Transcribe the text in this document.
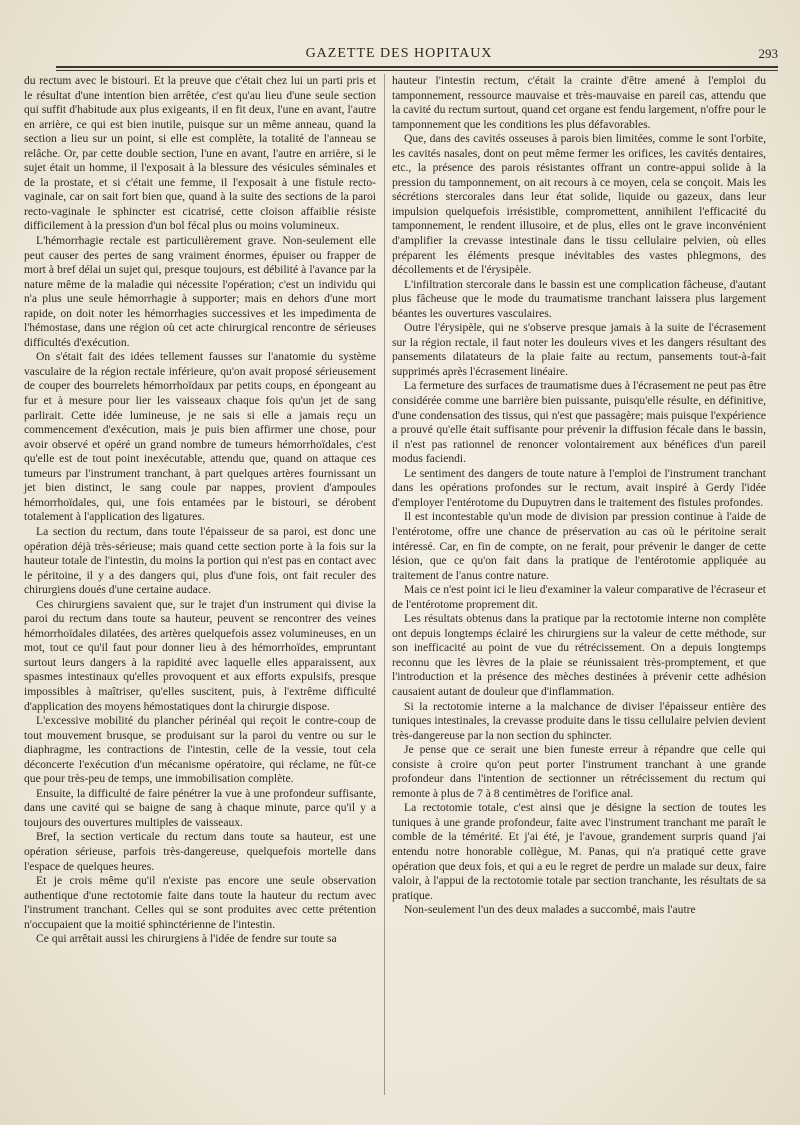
GAZETTE DES HOPITAUX	293

du rectum avec le bistouri. Et la preuve que c'était chez lui un parti pris et le résultat d'une intention bien arrêtée, c'est qu'au lieu d'une seule section qui suffit d'habitude aux plus exigeants, il en fit deux, l'une en avant, l'autre en arrière, ce qui est bien inutile, puisque sur un même anneau, quand la section a lieu sur un point, si elle est complète, la totalité de l'anneau se relâche. Or, par cette double section, l'une en avant, l'autre en arrière, si le sujet était un homme, il l'exposait à la blessure des vésicules séminales et de la prostate, et si c'était une femme, il l'exposait à une fistule recto-vaginale, car on sait fort bien que, quand à la suite des sections de la paroi recto-vaginale le sphincter est cicatrisé, cette cloison affaiblie résiste difficilement à la pression d'un bol fécal plus ou moins volumineux.

L'hémorrhagie rectale est particulièrement grave. Non-seulement elle peut causer des pertes de sang vraiment énormes, épuiser ou frapper de mort à bref délai un sujet qui, presque toujours, est débilité à l'avance par la nature même de la maladie qui nécessite l'opération; c'est un individu qui n'a plus une seule hémorrhagie à supporter; mais en dehors d'une mort rapide, on doit noter les hémorrhagies successives et les impedimenta de l'hémostase, dans une région où cet acte chirurgical rencontre de sérieuses difficultés d'exécution.

On s'était fait des idées tellement fausses sur l'anatomie du système vasculaire de la région rectale inférieure, qu'on avait proposé sérieusement de couper des bourrelets hémorrhoïdaux par petits coups, en épongeant au fur et à mesure pour lier les vaisseaux chaque fois qu'un jet de sang parlirait. Cette idée lumineuse, je ne sais si elle a jamais reçu un commencement d'exécution, mais je puis bien affirmer une chose, pour avoir observé et opéré un grand nombre de tumeurs hémorrhoïdales, c'est qu'elle est de tout point inexécutable, attendu que, quand on attaque ces tumeurs par l'instrument tranchant, à part quelques artères fournissant un jet bien distinct, le sang coule par nappes, provient d'ampoules hémorrhoïdales, qui, une fois entamées par le bistouri, se dérobent totalement à l'application des ligatures.

La section du rectum, dans toute l'épaisseur de sa paroi, est donc une opération déjà très-sérieuse; mais quand cette section porte à la fois sur la hauteur totale de l'intestin, du moins la portion qui n'est pas en contact avec le péritoine, il y a des dangers qui, plus d'une fois, ont fait reculer des chirurgiens doués d'une certaine audace.

Ces chirurgiens savaient que, sur le trajet d'un instrument qui divise la paroi du rectum dans toute sa hauteur, peuvent se rencontrer des veines hémorrhoïdales dilatées, des artères quelquefois assez volumineuses, en un mot, tout ce qu'il faut pour donner lieu à des hémorrhoïdes, empruntant surtout leurs dangers à la rapidité avec laquelle elles apparaissent, aux spasmes intestinaux qu'elles provoquent et aux efforts expulsifs, presque impossibles à maîtriser, qu'elles suscitent, puis, à l'extrême difficulté d'application des moyens hémostatiques dont la chirurgie dispose.

L'excessive mobilité du plancher périnéal qui reçoit le contre-coup de tout mouvement brusque, se produisant sur la paroi du ventre ou sur le diaphragme, les contractions de l'intestin, celle de la vessie, tout cela déconcerte l'exécution d'un mécanisme opératoire, qui réclame, ne fût-ce que pour très-peu de temps, une immobilisation complète.

Ensuite, la difficulté de faire pénétrer la vue à une profondeur suffisante, dans une cavité qui se baigne de sang à chaque minute, parce qu'il y a toujours des ouvertures multiples de vaisseaux.

Bref, la section verticale du rectum dans toute sa hauteur, est une opération sérieuse, parfois très-dangereuse, quelquefois mortelle dans l'espace de quelques heures.

Et je crois même qu'il n'existe pas encore une seule observation authentique d'une rectotomie faite dans toute la hauteur du rectum avec l'instrument tranchant. Celles qui se sont produites avec cette prétention n'occupaient que la moitié sphinctérienne de l'intestin.

Ce qui arrêtait aussi les chirurgiens à l'idée de fendre sur toute sa

hauteur l'intestin rectum, c'était la crainte d'être amené à l'emploi du tamponnement, ressource mauvaise et très-mauvaise en pareil cas, attendu que la cavité du rectum surtout, quand cet organe est fendu largement, n'offre pour le tamponnement que les conditions les plus défavorables.

Que, dans des cavités osseuses à parois bien limitées, comme le sont l'orbite, les cavités nasales, dont on peut même fermer les orifices, les cavités dentaires, etc., la présence des parois résistantes offrant un contre-appui solide à la pression du tamponnement, on ait recours à ce moyen, cela se conçoit. Mais les sécrétions stercorales dans leur état solide, liquide ou gazeux, dans leur impulsion quelquefois irrésistible, compromettent, annihilent l'efficacité du tamponnement, le rendent illusoire, et de plus, elles ont le grave inconvénient d'amplifier la crevasse intestinale dans le tissu cellulaire pelvien, où elles préparent les éléments presque inévitables des vastes phlegmons, des décollements et de l'érysipèle.

L'infiltration stercorale dans le bassin est une complication fâcheuse, d'autant plus fâcheuse que le mode du traumatisme tranchant laissera plus largement béantes les ouvertures vasculaires.

Outre l'érysipèle, qui ne s'observe presque jamais à la suite de l'écrasement sur la région rectale, il faut noter les douleurs vives et les dangers résultant des pansements dilatateurs de la plaie faite au rectum, pansements tout-à-fait supprimés après l'écrasement linéaire.

La fermeture des surfaces de traumatisme dues à l'écrasement ne peut pas être considérée comme une barrière bien puissante, puisqu'elle résulte, en définitive, d'une condensation des tissus, qui n'est que passagère; mais puisque l'expérience a prouvé qu'elle était suffisante pour prévenir la diffusion fécale dans le bassin, il n'est pas rationnel de renoncer volontairement aux bénéfices d'un pareil modus faciendi.

Le sentiment des dangers de toute nature à l'emploi de l'instrument tranchant dans les opérations profondes sur le rectum, avait inspiré à Gerdy l'idée d'employer l'entérotome du Dupuytren dans le traitement des fistules profondes.

Il est incontestable qu'un mode de division par pression continue à l'aide de l'entérotome, offre une chance de préservation au cas où le péritoine serait intéressé. Car, en fin de compte, on ne ferait, pour prévenir le danger de cette lésion, que ce qu'on fait dans la pratique de l'entérotomie appliquée au traitement de l'anus contre nature.

Mais ce n'est point ici le lieu d'examiner la valeur comparative de l'écraseur et de l'entérotome proprement dit.

Les résultats obtenus dans la pratique par la rectotomie interne non complète ont depuis longtemps éclairé les chirurgiens sur la valeur de cette méthode, sur son inefficacité au point de vue du rétrécissement. On a depuis longtemps reconnu que les lèvres de la plaie se réunissaient très-promptement, et que l'introduction et la présence des mèches destinées à prévenir cette adhésion causaient autant de douleur que d'inflammation.

Si la rectotomie interne a la malchance de diviser l'épaisseur entière des tuniques intestinales, la crevasse produite dans le tissu cellulaire pelvien devient très-dangereuse par la non section du sphincter.

Je pense que ce serait une bien funeste erreur à répandre que celle qui consiste à croire qu'on peut porter l'instrument tranchant à une grande profondeur dans l'intention de sectionner un rétrécissement du rectum qui remonte à plus de 7 à 8 centimètres de l'orifice anal.

La rectotomie totale, c'est ainsi que je désigne la section de toutes les tuniques à une grande profondeur, faite avec l'instrument tranchant me paraît le comble de la témérité. Et j'ai été, je l'avoue, grandement surpris quand j'ai entendu notre honorable collègue, M. Panas, qui n'a pratiqué cette grave opération que deux fois, et qui a eu le regret de perdre un malade sur deux, faire valoir, à l'appui de la rectotomie totale par section tranchante, les résultats de sa pratique.

Non-seulement l'un des deux malades a succombé, mais l'autre
